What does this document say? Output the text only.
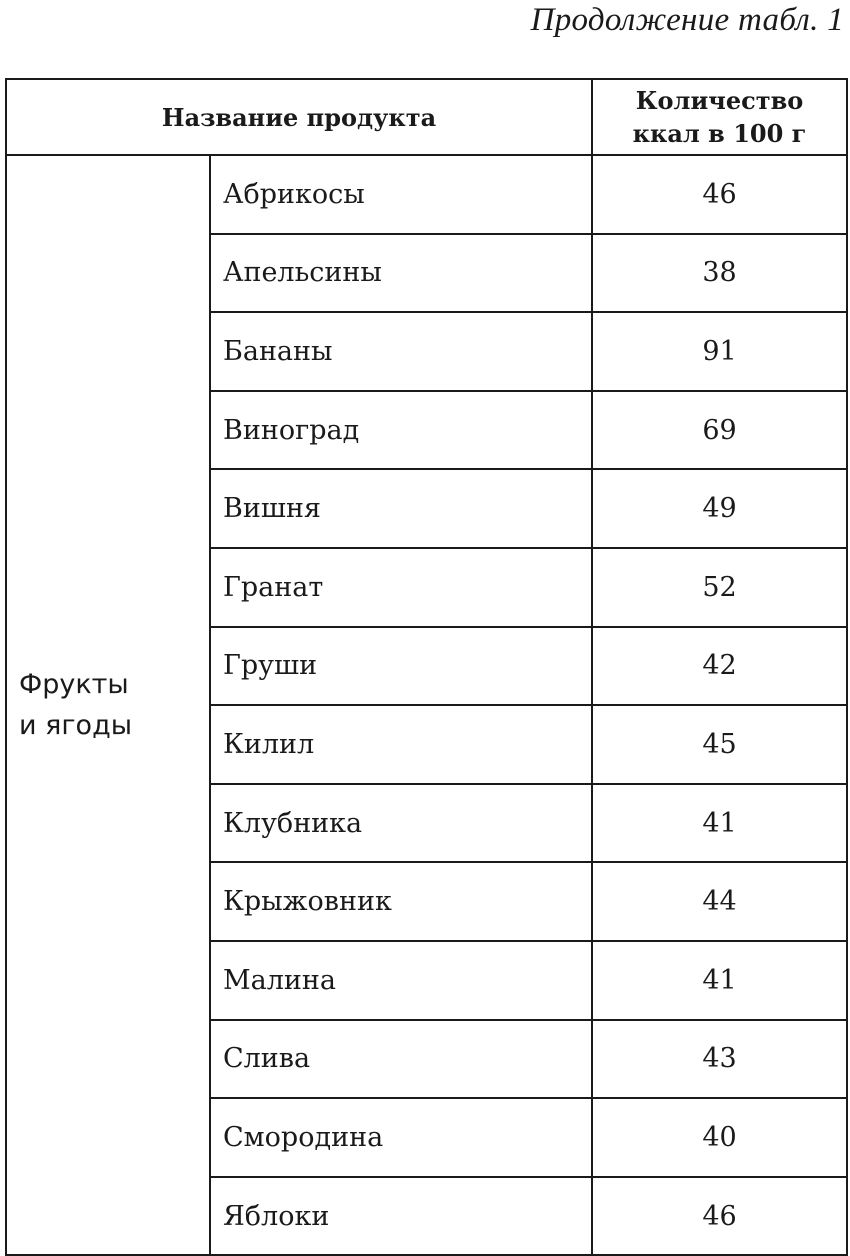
Продолжение табл. 1
Название продукта		Количество
ккал в 100 г

Фрукты
и ягоды	Абрикосы	46
	Апельсины	38
	Бананы	91
	Виноград	69
	Вишня	49
	Гранат	52
	Груши	42
	Килил	45
	Клубника	41
	Крыжовник	44
	Малина	41
	Слива	43
	Смородина	40
	Яблоки	46
